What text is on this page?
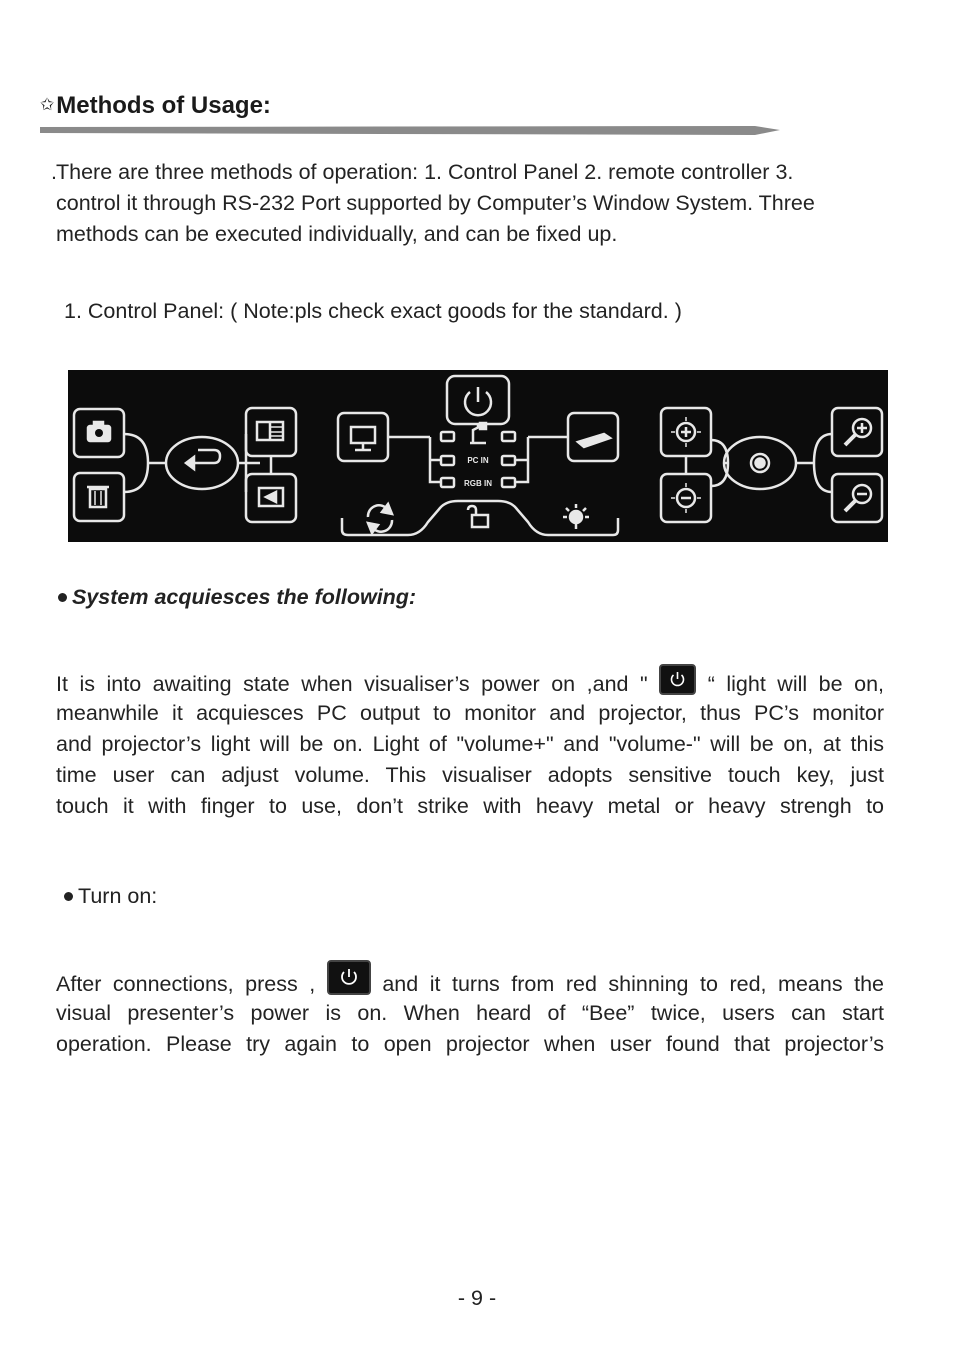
✩Methods of Usage:
. There are three methods of operation: 1. Control Panel 2. remote controller 3.
control it through RS-232 Port supported by Computer’s Window System. Three
methods can be executed individually, and can be fixed up.
1. Control Panel: ( Note:pls check exact goods for the standard. )
PC IN
RGB IN
System acquiesces the following:
It is into awaiting state when visualiser’s power on ,and "	“ light will be on,
meanwhile it acquiesces PC output to monitor and projector, thus PC’s monitor
and projector’s light will be on. Light of "volume+" and "volume-" will be on, at this
time user can adjust volume. This visualiser adopts sensitive touch key, just
touch it with finger to use, don’t strike with heavy metal or heavy strengh to
Turn on:
After connections, press ,	and it turns from red shinning to red, means the
visual presenter’s power is on. When heard of “Bee” twice, users can start
operation. Please try again to open projector when user found that projector’s
- 9 -
